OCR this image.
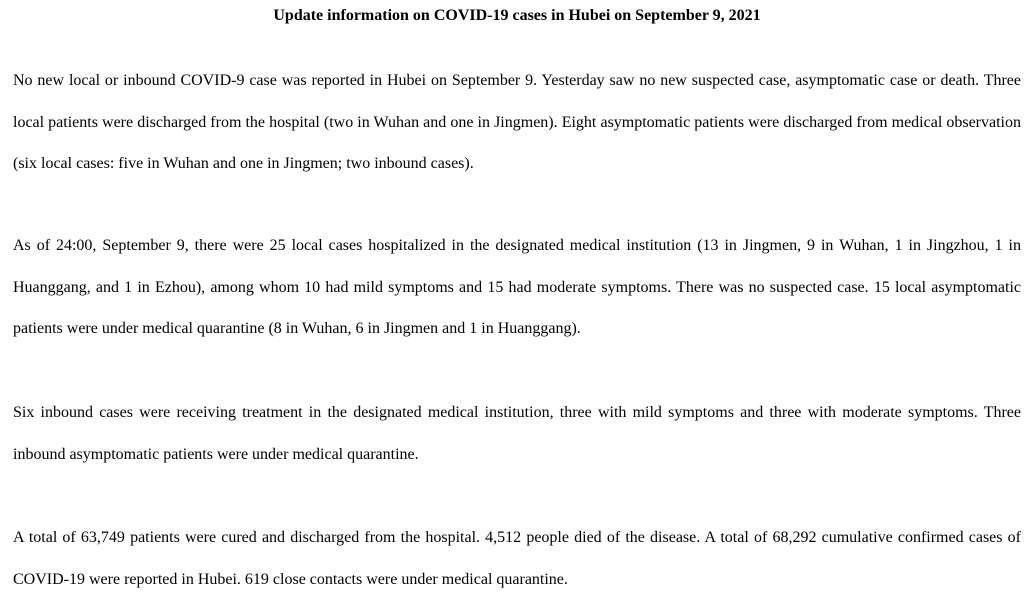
Update information on COVID-19 cases in Hubei on September 9, 2021

No new local or inbound COVID-9 case was reported in Hubei on September 9. Yesterday saw no new suspected case, asymptomatic case or death. Three local patients were discharged from the hospital (two in Wuhan and one in Jingmen). Eight asymptomatic patients were discharged from medical observation (six local cases: five in Wuhan and one in Jingmen; two inbound cases).

As of 24:00, September 9, there were 25 local cases hospitalized in the designated medical institution (13 in Jingmen, 9 in Wuhan, 1 in Jingzhou, 1 in Huanggang, and 1 in Ezhou), among whom 10 had mild symptoms and 15 had moderate symptoms. There was no suspected case. 15 local asymptomatic patients were under medical quarantine (8 in Wuhan, 6 in Jingmen and 1 in Huanggang).

Six inbound cases were receiving treatment in the designated medical institution, three with mild symptoms and three with moderate symptoms. Three inbound asymptomatic patients were under medical quarantine.

A total of 63,749 patients were cured and discharged from the hospital. 4,512 people died of the disease. A total of 68,292 cumulative confirmed cases of COVID-19 were reported in Hubei. 619 close contacts were under medical quarantine.
